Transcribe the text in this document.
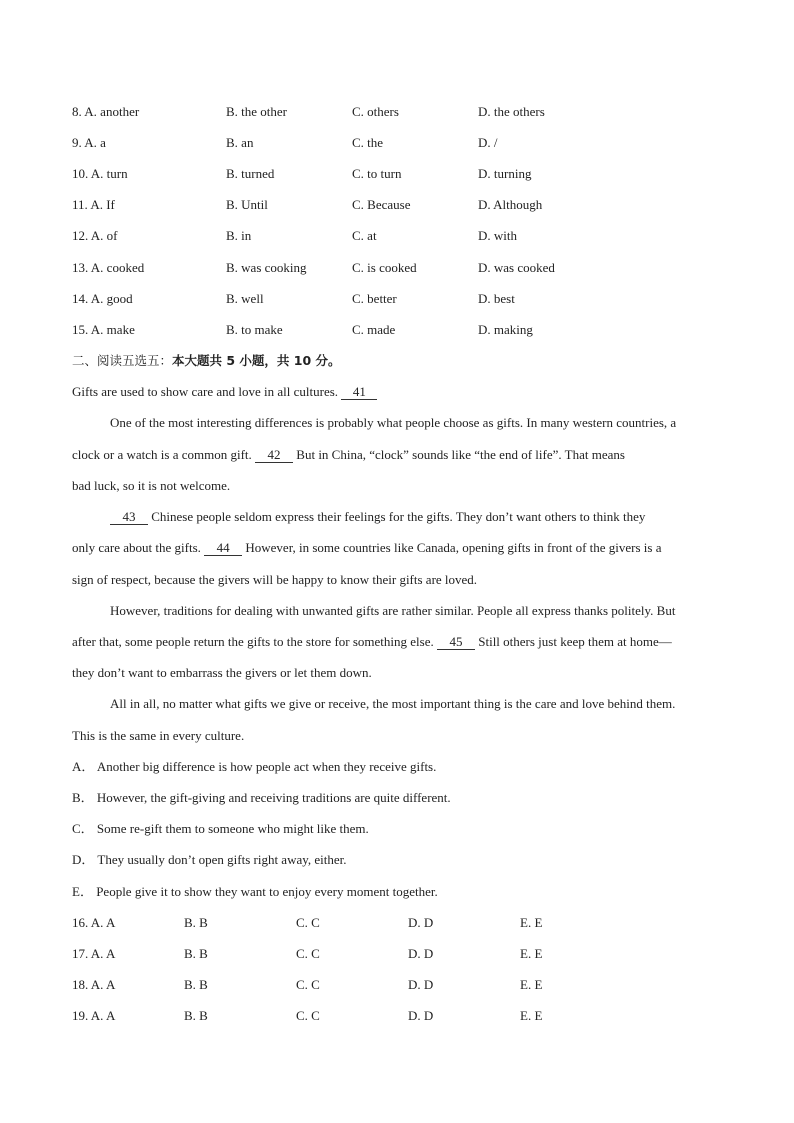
8. A. another	B. the other	C. others	D. the others
9. A. a	B. an	C. the	D. /
10. A. turn	B. turned	C. to turn	D. turning
11. A. If	B. Until	C. Because	D. Although
12. A. of	B. in	C. at	D. with
13. A. cooked	B. was cooking	C. is cooked	D. was cooked
14. A. good	B. well	C. better	D. best
15. A. make	B. to make	C. made	D. making
二、阅读五选五：本大题共 5 小题，共 10 分。
Gifts are used to show care and love in all cultures. 41
One of the most interesting differences is probably what people choose as gifts. In many western countries, a
clock or a watch is a common gift. 42 But in China, “clock” sounds like “the end of life”. That means
bad luck, so it is not welcome.
43 Chinese people seldom express their feelings for the gifts. They don’t want others to think they
only care about the gifts. 44 However, in some countries like Canada, opening gifts in front of the givers is a
sign of respect, because the givers will be happy to know their gifts are loved.
However, traditions for dealing with unwanted gifts are rather similar. People all express thanks politely. But
after that, some people return the gifts to the store for something else. 45 Still others just keep them at home—
they don’t want to embarrass the givers or let them down.
All in all, no matter what gifts we give or receive, the most important thing is the care and love behind them.
This is the same in every culture.
A． Another big difference is how people act when they receive gifts.
B． However, the gift-giving and receiving traditions are quite different.
C． Some re-gift them to someone who might like them.
D． They usually don’t open gifts right away, either.
E． People give it to show they want to enjoy every moment together.
16. A. A	B. B	C. C	D. D	E. E
17. A. A	B. B	C. C	D. D	E. E
18. A. A	B. B	C. C	D. D	E. E
19. A. A	B. B	C. C	D. D	E. E
